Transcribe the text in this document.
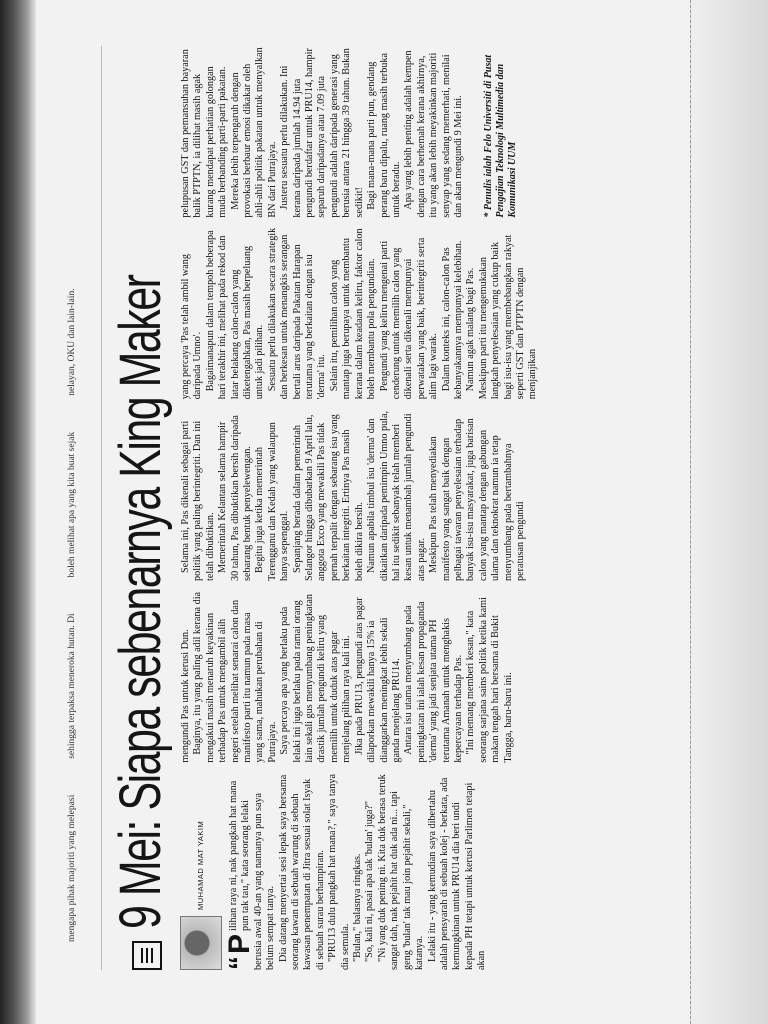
mengapa pihak majoriti yang melepasi
sehingga terpaksa meneroka hutan. Di
boleh melihat apa yang kita buat sejak
nelayan, OKU dan lain-lain. 9 Mei: Siapa sebenarnya King Maker	MUHAMAD MAT YAKIM

“
P
ilihan raya ni, nak pangkah hat mana pun tak tau," kata seorang lelaki berusia awal 40-an yang namanya pun saya belum sempat tanya. Dia datang menyertai sesi lepak saya bersama seorang kawan di sebuah warung di sebuah kawasan penempatan di Jitra sesuai solat Isyak di sebuah surau berhampiran. "PRU13 dulu pangkah hat mana?," saya tanya dia semula. "Bulan," balasnya ringkas. "So, kali ni, pasai apa tak 'bulan' juga?" "Ni yang duk pening ni. Kita duk berasa teruk sangat dah, nak pejahit hat duk ada ni... tapi geng 'bulan' tak mau join pejahit sekali," katanya. Lelaki itu - yang kemudian saya dibertahu adalah pensyarah di sebuah kolej - berkata, ada kemungkinan untuk PRU14 dia beri undi kepada PH tetapi untuk kerusi Parlimen tetapi akan

mengundi Pas untuk kerusi Dun. Baginya, itu yang paling adil kerana dia mengakui masih menaruh keyakinan terhadap Pas untuk mengambil alih negeri setelah melihat senarai calon dan manifesto parti itu namun pada masa yang sama, mahukan perubahan di Putrajaya. Saya percaya apa yang berlaku pada lelaki ini juga berlaku pada ramai orang lain sekali gus menyumbang peningkatan drastik jumlah pengundi keliru yang memilih untuk duduk atas pagar menjelang pilihan raya kali ini. Jika pada PRU13, pengundi atas pagar dilaporkan mewakili hanya 15% ia dianggarkan meningkat lebih sekali ganda menjelang PRU14. Antara isu utama menyumbang pada peningkatan ini ialah kesan propaganda 'derma' yang jadi senjata utama PH terutama Amanah untuk menghakis kepercayaan terhadap Pas. "Ini memang memberi kesan," kata seorang sarjana sains politik ketika kami makan tengah hari bersama di Bukit Tangga, baru-baru ini.

Selama ini, Pas dikenali sebagai parti politik yang paling berintegriti. Dan ini telah dibuktikan. Memerintah Kelantan selama hampir 30 tahun, Pas dibuktikan bersih daripada sebarang bentuk penyelewengan. Begitu juga ketika memerintah Terengganu dan Kedah yang walaupun hanya sepenggal. Sepanjang berada dalam pemerintah Selangor hingga dibubarkan 9 April lalu, anggota Exco yang mewakili Pas tidak pernah terpalit dengan sebarang isu yang berkaitan integriti. Ertinya Pas masih boleh dikira bersih. Namun apabila timbul isu 'derma' dan dikaitkan daripada pemimpin Umno pula, hal itu sedikit sebanyak telah memberi kesan untuk menambah jumlah pengundi atas pagar. Meskipun Pas telah menyediakan manifesto yang sangat baik dengan pelbagai tawaran penyelesaian terhadap banyak isu-isu masyarakat, juga barisan calon yang mantap dengan gabungan ulama dan teknokrat namun ia tetap menyumbang pada bertambahnya peratusan pengundi

yang percaya 'Pas telah ambil wang daripada Umno'. Bagaimanapun dalam tempoh beberapa hari terakhir ini, melihat pada rekod dan latar belakang calon-calon yang diketengahkan, Pas masih berpeluang untuk jadi pilihan. Sesuatu perlu dilakukan secara strategik dan berkesan untuk menangkis serangan bertali arus daripada Pakatan Harapan terutama yang berkaitan dengan isu 'derma' itu. Selain itu, pemilihan calon yang mantap juga berupaya untuk membantu kerana dalam keadaan keliru, faktor calon boleh membantu pola pengundian. Pengundi yang keliru mengenai parti cenderung untuk memilih calon yang dikenali serta dikenali mempunyai perwatakan yang baik, berintegriti serta alim lagi warak. Dalam konteks ini, calon-calon Pas kebanyakannya mempunyai kelebihan. Namun agak malang bagi Pas. Meskipun parti itu mengemukakan langkah penyelesaian yang cukup baik bagi isu-isu yang membebangkan rakyat seperti GST dan PTPTN dengan menjanjikan

pelupusan GST dan pemansuhan bayaran balik PTPTN, ia dilihat masih agak kurang mendapat perhatian golongan muda berbanding parti-parti pakatan. Mereka lebih terpengaruh dengan provokasi berbaur emosi dikakar oleh ahli-ahli politik pakatan untuk menyalkan BN dari Putrajaya. Justeru sesuatu perlu dilakukan. Ini kerana daripada jumlah 14.94 juta pengundi berdaftar untuk PRU14, hampir separuh daripadanya atau 7.09 juta pengundi adalah daripada generasi yang berusia antara 21 hingga 39 tahun. Bukan sedikit! Bagi mana-mana parti pun, gendang perang baru dipalu, ruang masih terbuka untuk beradu. Apa yang lebih penting adalah kempen dengan cara berhemah kerana akhirnya, itu yang akan lebih meyakinkan majoriti senyap yang sedang memerhati, menilai dan akan mengundi 9 Mei ini. * Penulis ialah Felo Universiti di Pusat Pengajian Teknologi Multimedia dan Komunikasi UUM
